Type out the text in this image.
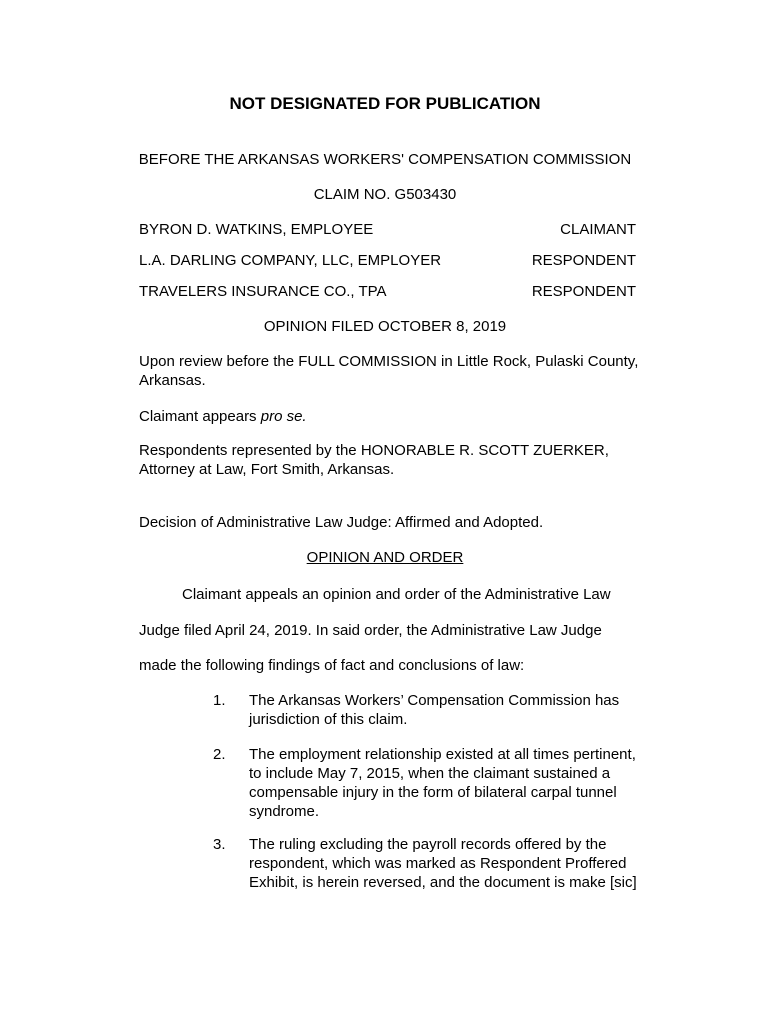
NOT DESIGNATED FOR PUBLICATION
BEFORE THE ARKANSAS WORKERS' COMPENSATION COMMISSION
CLAIM NO. G503430
BYRON D. WATKINS, EMPLOYEE	CLAIMANT
L.A. DARLING COMPANY, LLC, EMPLOYER	RESPONDENT
TRAVELERS INSURANCE CO., TPA	RESPONDENT
OPINION FILED OCTOBER 8, 2019
Upon review before the FULL COMMISSION in Little Rock, Pulaski County, Arkansas.
Claimant appears pro se.
Respondents represented by the HONORABLE R. SCOTT ZUERKER, Attorney at Law, Fort Smith, Arkansas.
Decision of Administrative Law Judge: Affirmed and Adopted.
OPINION AND ORDER
Claimant appeals an opinion and order of the Administrative Law
Judge filed April 24, 2019. In said order, the Administrative Law Judge
made the following findings of fact and conclusions of law:
1. The Arkansas Workers’ Compensation Commission has jurisdiction of this claim.
2. The employment relationship existed at all times pertinent, to include May 7, 2015, when the claimant sustained a compensable injury in the form of bilateral carpal tunnel syndrome.
3. The ruling excluding the payroll records offered by the respondent, which was marked as Respondent Proffered Exhibit, is herein reversed, and the document is make [sic]
